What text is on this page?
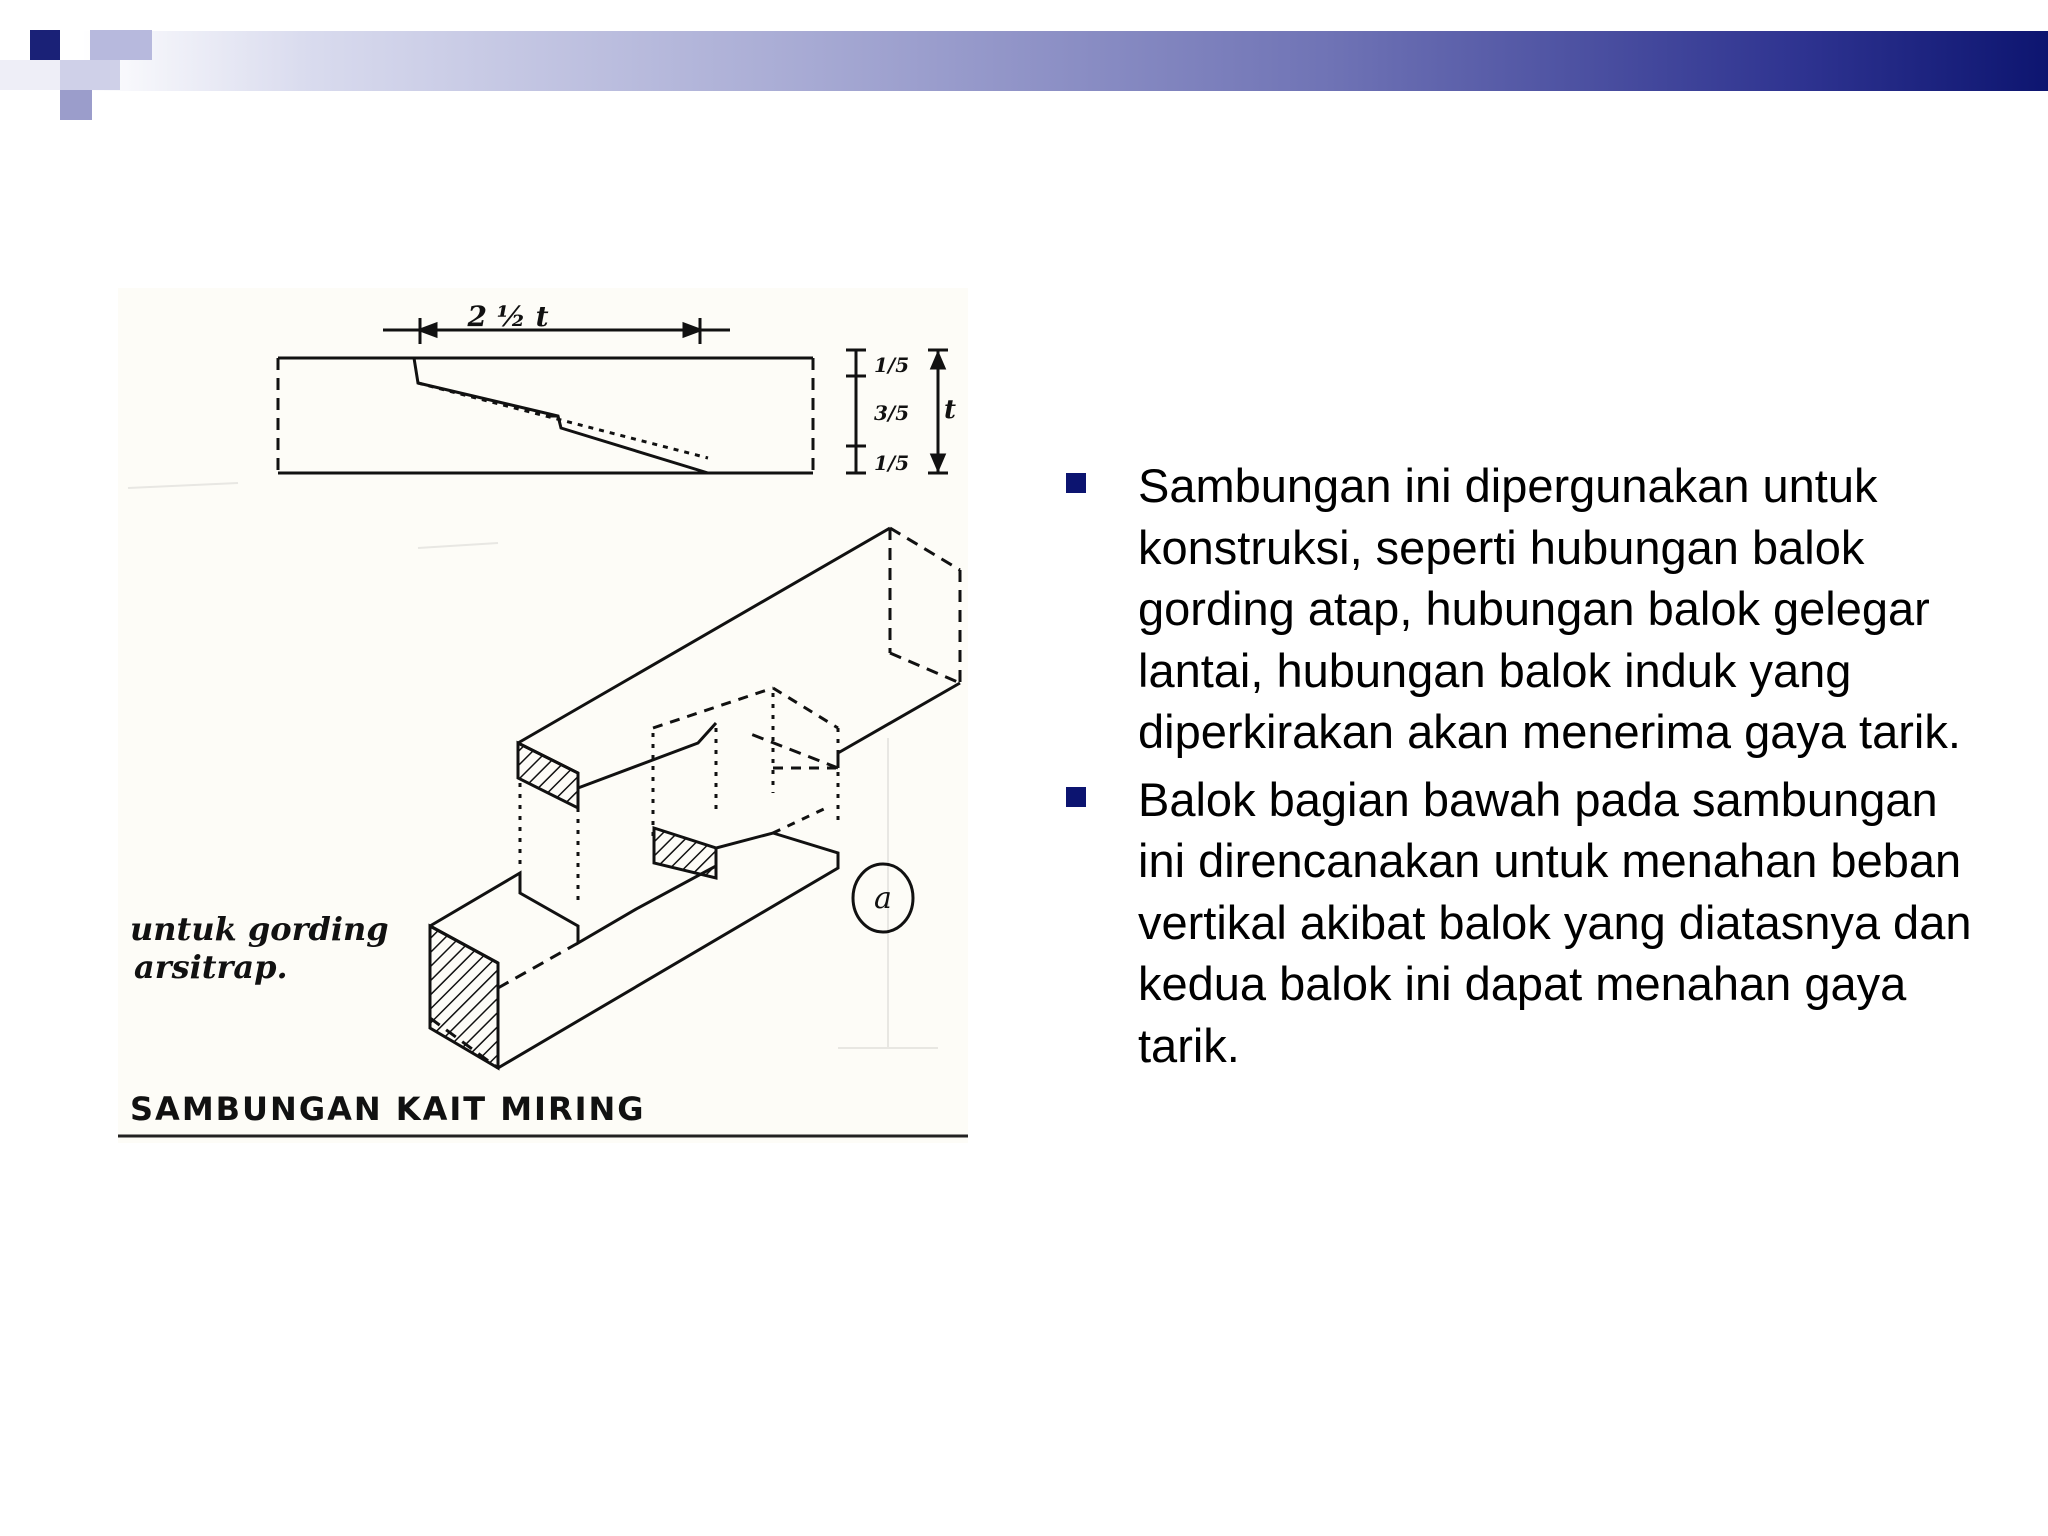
2 ½ t
1/5
3/5
1/5
t
a
untuk gording
arsitrap.
SAMBUNGAN KAIT MIRING
Sambungan ini dipergunakan untuk konstruksi, seperti hubungan balok gording atap, hubungan balok gelegar lantai, hubungan balok induk yang diperkirakan akan menerima gaya tarik.
Balok bagian bawah pada sambungan ini direncanakan untuk menahan beban vertikal akibat balok yang diatasnya dan kedua balok ini dapat menahan gaya tarik.
